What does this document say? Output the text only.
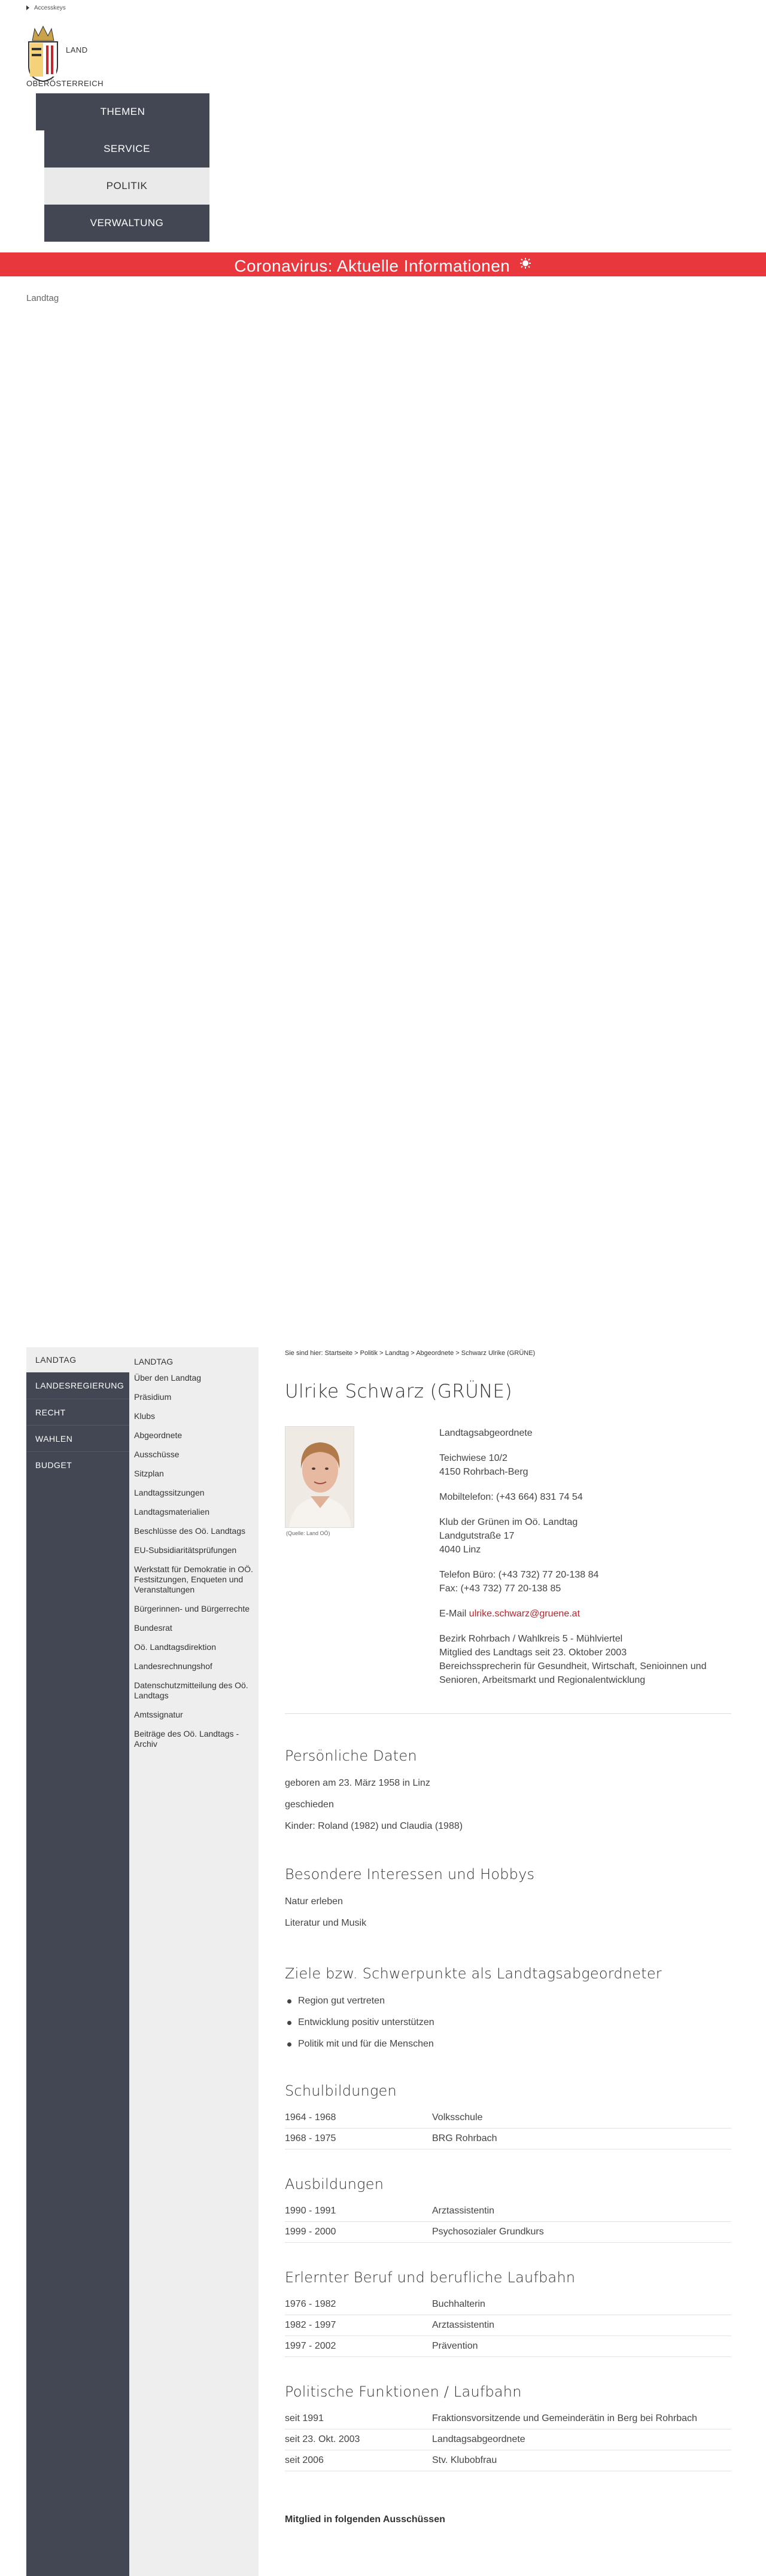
Accesskeys
LAND
OBERÖSTERREICH
THEMEN
SERVICE
POLITIK
VERWALTUNG
Coronavirus: Aktuelle Informationen
Landtag
LANDTAG
LANDESREGIERUNG
RECHT
WAHLEN
BUDGET
LANDTAG
Über den Landtag
Präsidium
Klubs
Abgeordnete
Ausschüsse
Sitzplan
Landtagssitzungen
Landtagsmaterialien
Beschlüsse des Oö. Landtags
EU-Subsidiaritätsprüfungen
Werkstatt für Demokratie in OÖ. Festsitzungen, Enqueten und Veranstaltungen
Bürgerinnen- und Bürgerrechte
Bundesrat
Oö. Landtagsdirektion
Landesrechnungshof
Datenschutzmitteilung des Oö. Landtags
Amtssignatur
Beiträge des Oö. Landtags - Archiv
Sie sind hier: Startseite > Politik > Landtag > Abgeordnete > Schwarz Ulrike (GRÜNE)
Ulrike Schwarz (GRÜNE)
(Quelle: Land OÖ)

Landtagsabgeordnete

Teichwiese 10/2
4150 Rohrbach-Berg

Mobiltelefon: (+43 664) 831 74 54

Klub der Grünen im Oö. Landtag
Landgutstraße 17
4040 Linz

Telefon Büro: (+43 732) 77 20-138 84
Fax: (+43 732) 77 20-138 85

E-Mail ulrike.schwarz@gruene.at

Bezirk Rohrbach / Wahlkreis 5 - Mühlviertel
Mitglied des Landtags seit 23. Oktober 2003
Bereichssprecherin für Gesundheit, Wirtschaft, Senioinnen und Senioren, Arbeitsmarkt und Regionalentwicklung

Persönliche Daten
geboren am 23. März 1958 in Linz
geschieden
Kinder: Roland (1982) und Claudia (1988)
Besondere Interessen und Hobbys
Natur erleben
Literatur und Musik
Ziele bzw. Schwerpunkte als Landtagsabgeordneter
Region gut vertreten
Entwicklung positiv unterstützen
Politik mit und für die Menschen
Schulbildungen
1964 - 1968	Volksschule
1968 - 1975	BRG Rohrbach
Ausbildungen
1990 - 1991	Arztassistentin
1999 - 2000	Psychosozialer Grundkurs
Erlernter Beruf und berufliche Laufbahn
1976 - 1982	Buchhalterin
1982 - 1997	Arztassistentin
1997 - 2002	Prävention
Politische Funktionen / Laufbahn
seit 1991	Fraktionsvorsitzende und Gemeinderätin in Berg bei Rohrbach
seit 23. Okt. 2003	Landtagsabgeordnete
seit 2006	Stv. Klubobfrau
Mitglied in folgenden Ausschüssen
